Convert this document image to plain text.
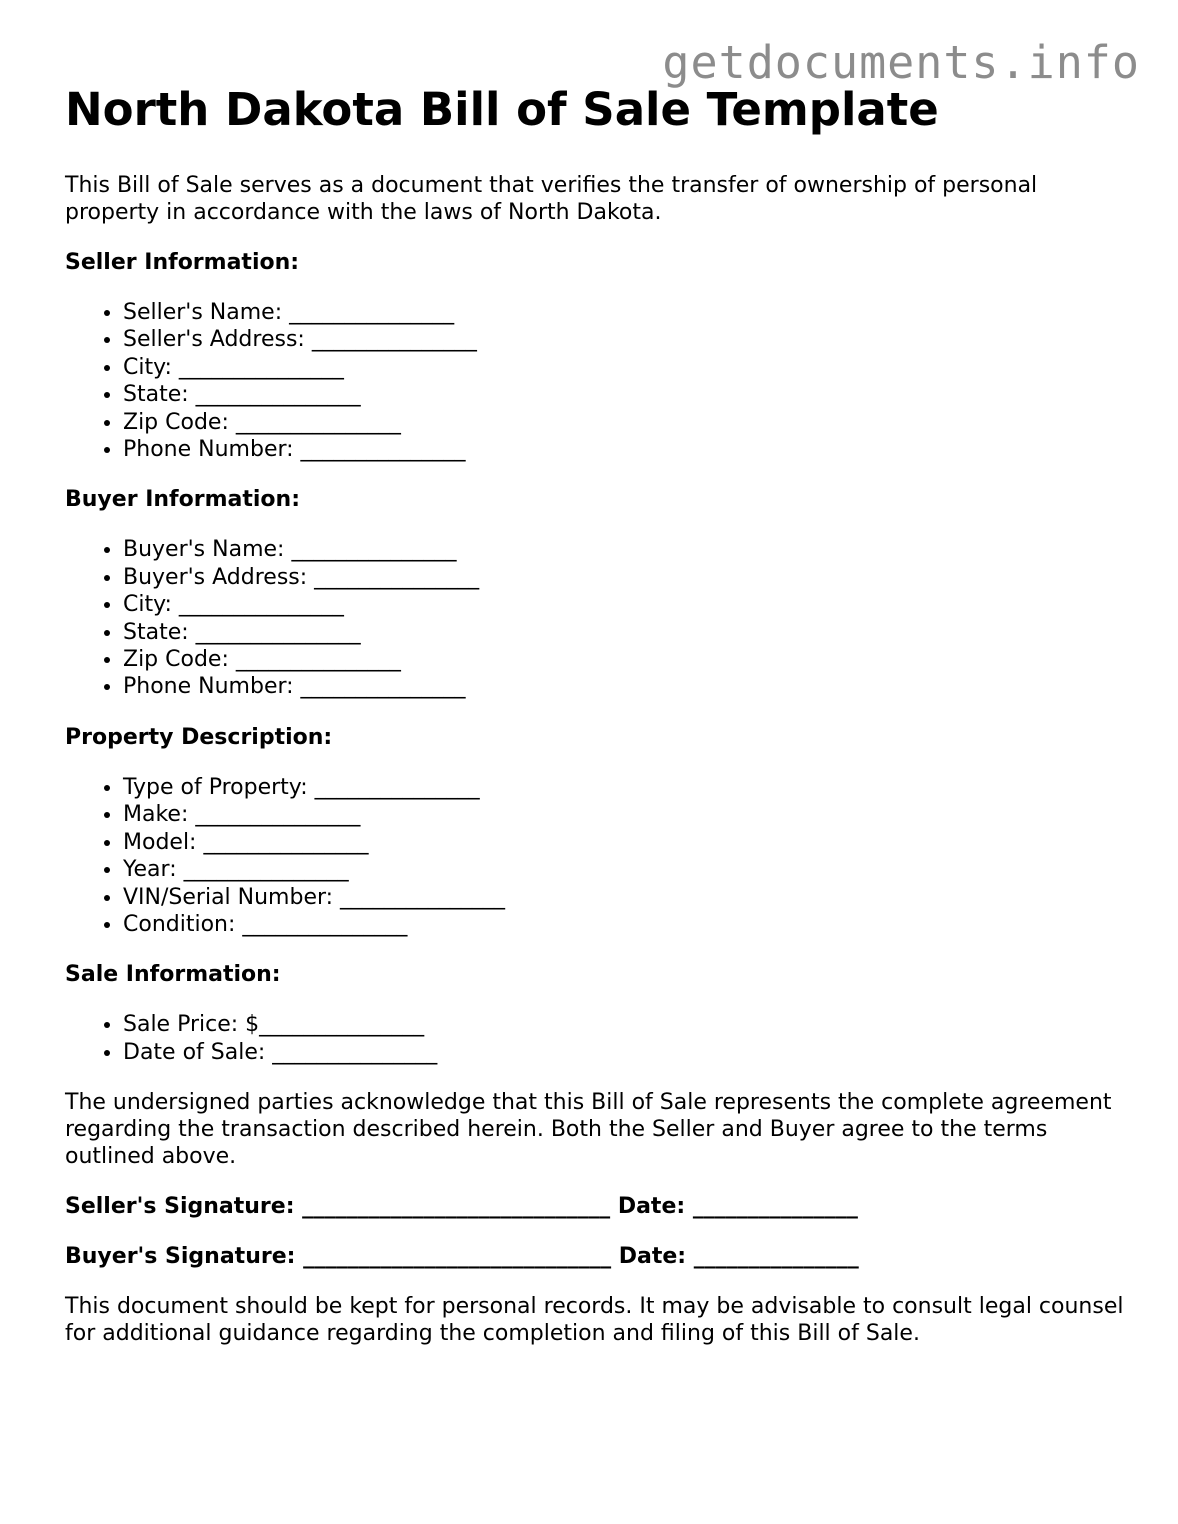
getdocuments.info
North Dakota Bill of Sale Template

This Bill of Sale serves as a document that verifies the transfer of ownership of personal property in accordance with the laws of North Dakota.

Seller Information:
• Seller's Name: _______________
• Seller's Address: _______________
• City: _______________
• State: _______________
• Zip Code: _______________
• Phone Number: _______________
Buyer Information:
• Buyer's Name: _______________
• Buyer's Address: _______________
• City: _______________
• State: _______________
• Zip Code: _______________
• Phone Number: _______________
Property Description:
• Type of Property: _______________
• Make: _______________
• Model: _______________
• Year: _______________
• VIN/Serial Number: _______________
• Condition: _______________
Sale Information:
• Sale Price: $_______________
• Date of Sale: _______________

The undersigned parties acknowledge that this Bill of Sale represents the complete agreement regarding the transaction described herein. Both the Seller and Buyer agree to the terms outlined above.

Seller's Signature: ____________________________ Date: _______________
Buyer's Signature: ____________________________ Date: _______________

This document should be kept for personal records. It may be advisable to consult legal counsel for additional guidance regarding the completion and filing of this Bill of Sale.
